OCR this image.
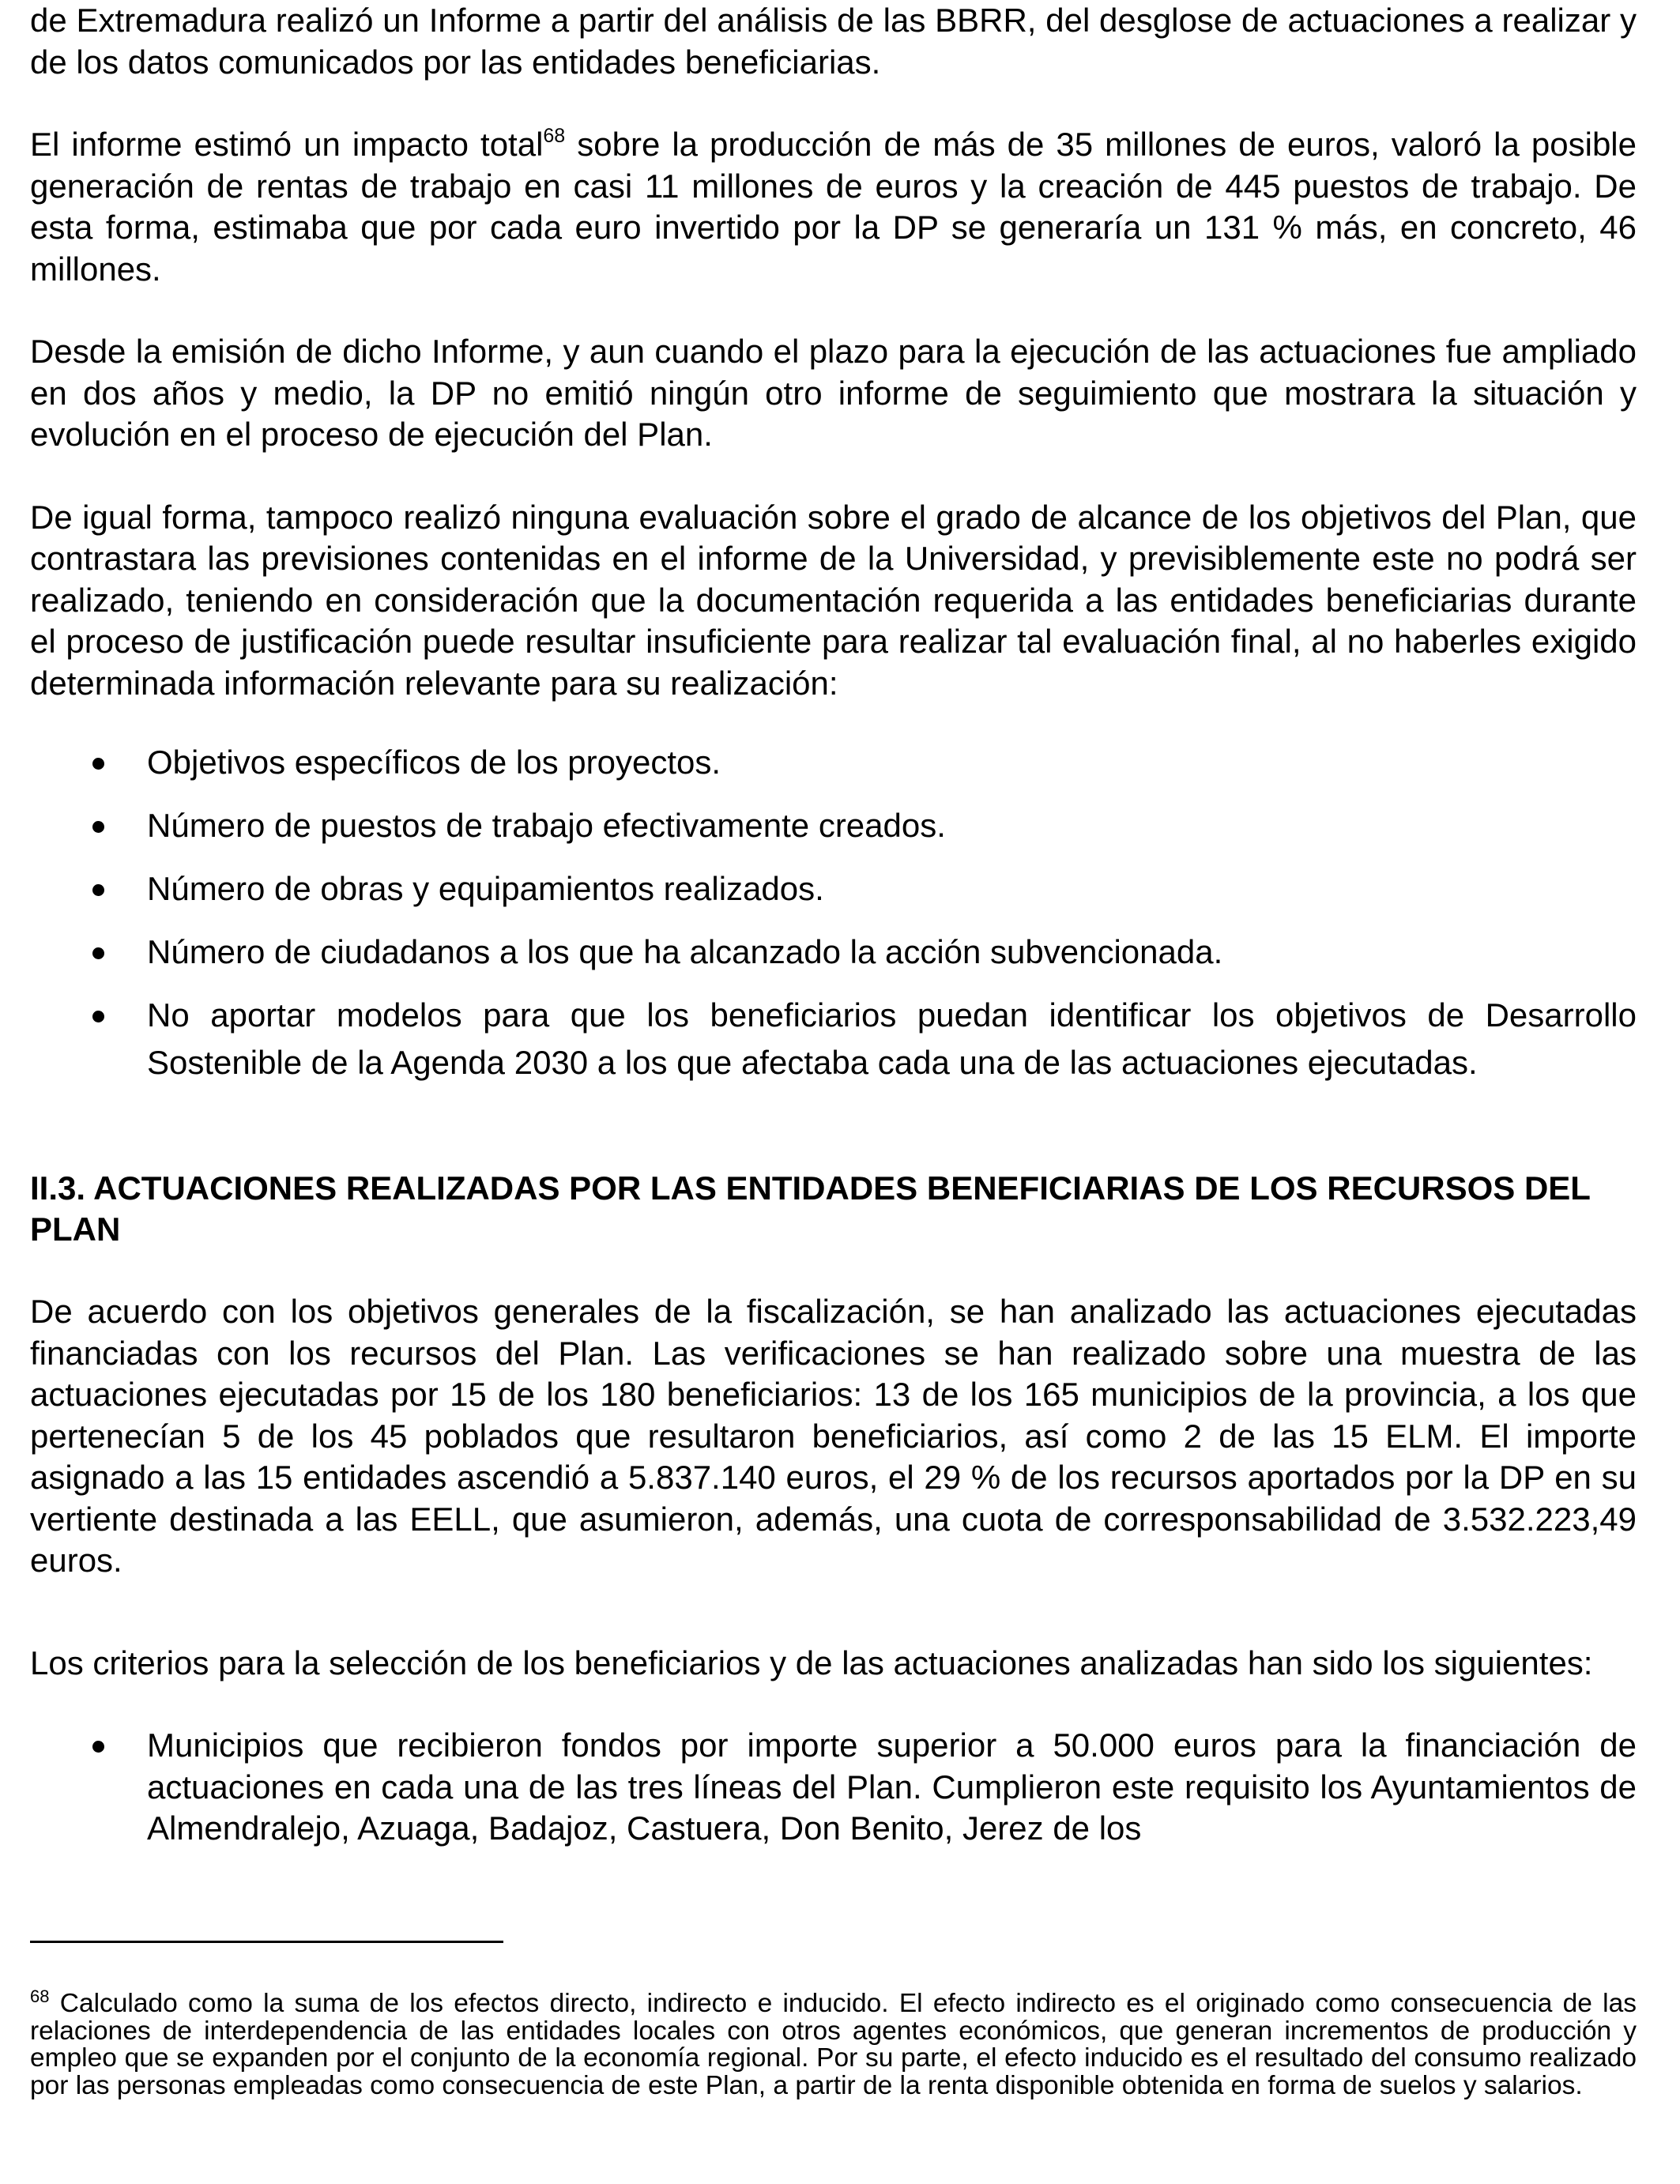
de Extremadura realizó un Informe a partir del análisis de las BBRR, del desglose de actuaciones a realizar y de los datos comunicados por las entidades beneficiarias.

El informe estimó un impacto total$^{68}$ sobre la producción de más de 35 millones de euros, valoró la posible generación de rentas de trabajo en casi 11 millones de euros y la creación de 445 puestos de trabajo. De esta forma, estimaba que por cada euro invertido por la DP se generaría un 131 % más, en concreto, 46 millones.

Desde la emisión de dicho Informe, y aun cuando el plazo para la ejecución de las actuaciones fue ampliado en dos años y medio, la DP no emitió ningún otro informe de seguimiento que mostrara la situación y evolución en el proceso de ejecución del Plan.

De igual forma, tampoco realizó ninguna evaluación sobre el grado de alcance de los objetivos del Plan, que contrastara las previsiones contenidas en el informe de la Universidad, y previsiblemente este no podrá ser realizado, teniendo en consideración que la documentación requerida a las entidades beneficiarias durante el proceso de justificación puede resultar insuficiente para realizar tal evaluación final, al no haberles exigido determinada información relevante para su realización:

Objetivos específicos de los proyectos.
Número de puestos de trabajo efectivamente creados.
Número de obras y equipamientos realizados.
Número de ciudadanos a los que ha alcanzado la acción subvencionada.
No aportar modelos para que los beneficiarios puedan identificar los objetivos de Desarrollo Sostenible de la Agenda 2030 a los que afectaba cada una de las actuaciones ejecutadas.
II.3. ACTUACIONES REALIZADAS POR LAS ENTIDADES BENEFICIARIAS DE LOS RECURSOS DEL PLAN

De acuerdo con los objetivos generales de la fiscalización, se han analizado las actuaciones ejecutadas financiadas con los recursos del Plan. Las verificaciones se han realizado sobre una muestra de las actuaciones ejecutadas por 15 de los 180 beneficiarios: 13 de los 165 municipios de la provincia, a los que pertenecían 5 de los 45 poblados que resultaron beneficiarios, así como 2 de las 15 ELM. El importe asignado a las 15 entidades ascendió a 5.837.140 euros, el 29 % de los recursos aportados por la DP en su vertiente destinada a las EELL, que asumieron, además, una cuota de corresponsabilidad de 3.532.223,49 euros.

Los criterios para la selección de los beneficiarios y de las actuaciones analizadas han sido los siguientes:

Municipios que recibieron fondos por importe superior a 50.000 euros para la financiación de actuaciones en cada una de las tres líneas del Plan. Cumplieron este requisito los Ayuntamientos de Almendralejo, Azuaga, Badajoz, Castuera, Don Benito, Jerez de los

$^{68}$ Calculado como la suma de los efectos directo, indirecto e inducido. El efecto indirecto es el originado como consecuencia de las relaciones de interdependencia de las entidades locales con otros agentes económicos, que generan incrementos de producción y empleo que se expanden por el conjunto de la economía regional. Por su parte, el efecto inducido es el resultado del consumo realizado por las personas empleadas como consecuencia de este Plan, a partir de la renta disponible obtenida en forma de suelos y salarios.
